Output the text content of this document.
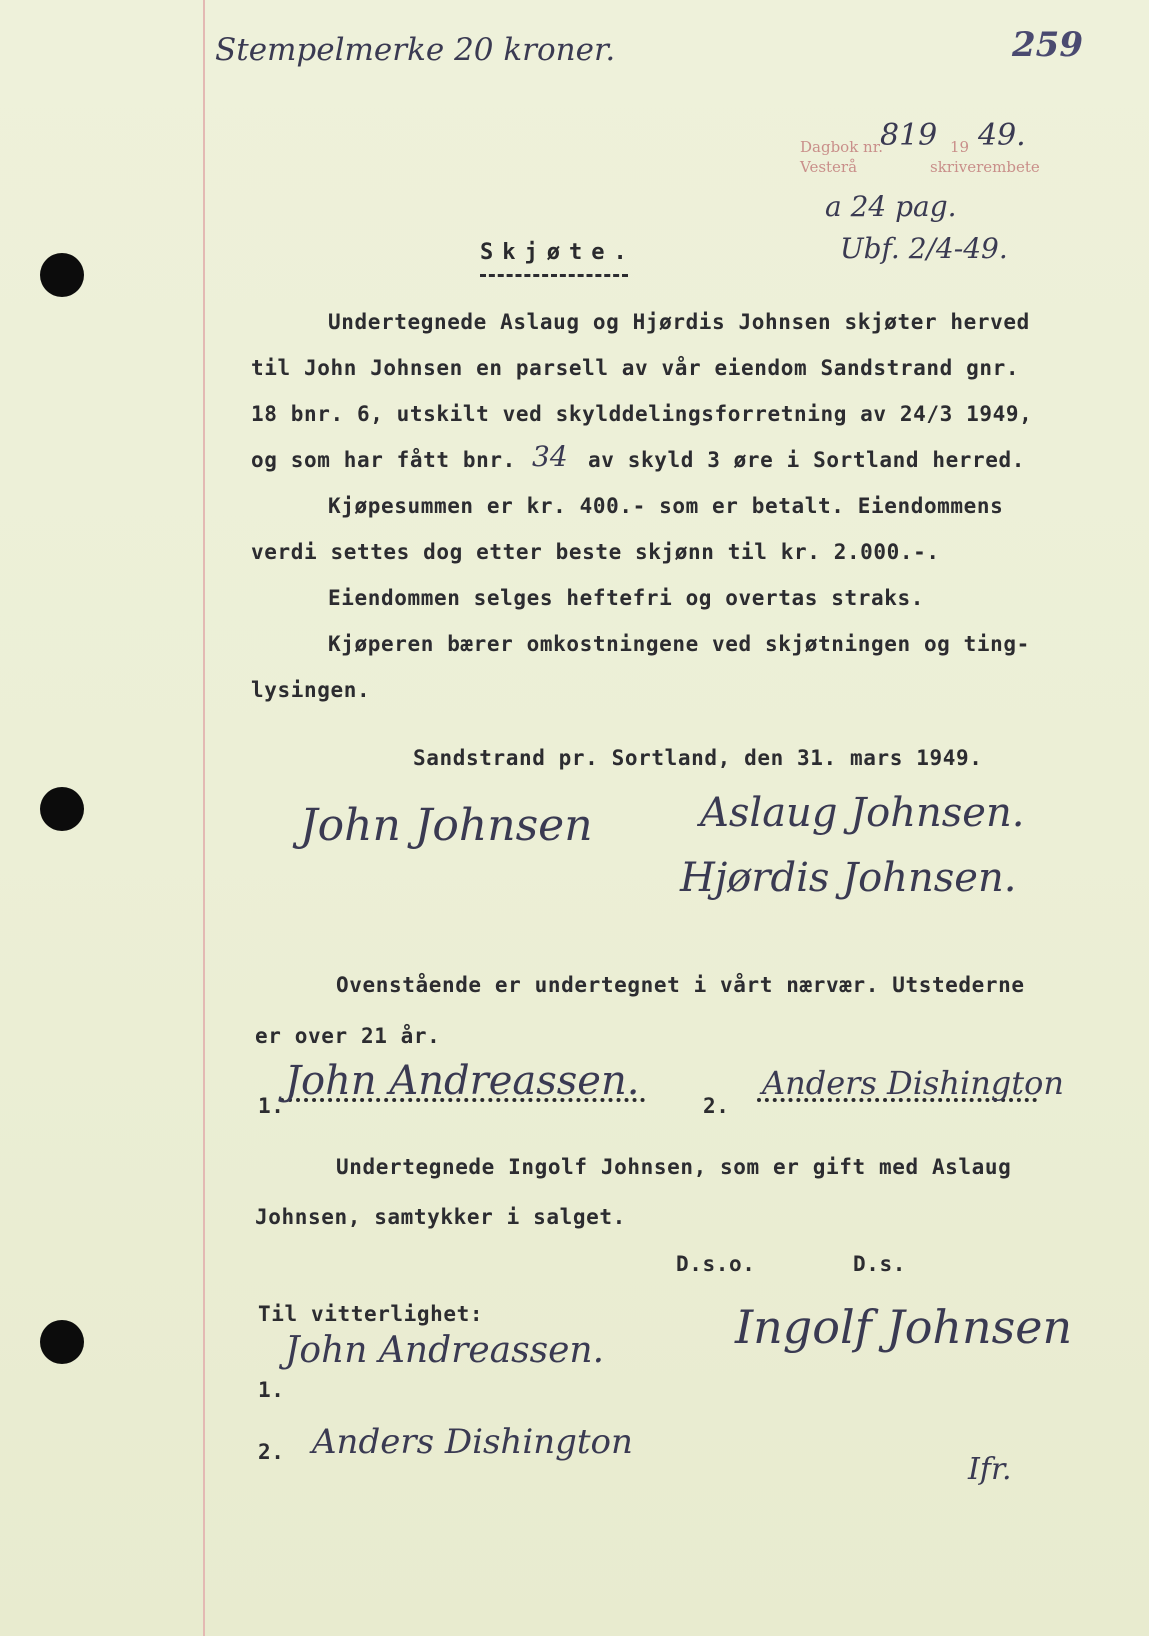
Stempelmerke 20 kroner.	259
Dagbok nr.
819 19 49.
Vesterå	skriverembete
a 24 pag.
Ubf. 2/4-49.
Skjøte.
Undertegnede Aslaug og Hjørdis Johnsen skjøter herved
til John Johnsen en parsell av vår eiendom Sandstrand gnr.
18 bnr. 6, utskilt ved skylddelingsforretning av 24/3 1949,
og som har fått bnr. 34 av skyld 3 øre i Sortland herred.
Kjøpesummen er kr. 400.- som er betalt. Eiendommens
verdi settes dog etter beste skjønn til kr. 2.000.-.
Eiendommen selges heftefri og overtas straks.
Kjøperen bærer omkostningene ved skjøtningen og ting-
lysingen.
Sandstrand pr. Sortland, den 31. mars 1949.
John Johnsen	Aslaug Johnsen.
Hjørdis Johnsen.
Ovenstående er undertegnet i vårt nærvær. Utstederne
er over 21 år.
1.
John Andreassen.
2.
Anders Dishington
Undertegnede Ingolf Johnsen, som er gift med Aslaug
Johnsen, samtykker i salget.
D.s.o.	D.s.
Til vitterlighet:
1.
John Andreassen.
2. Anders Dishington
Ingolf Johnsen
Ifr.
